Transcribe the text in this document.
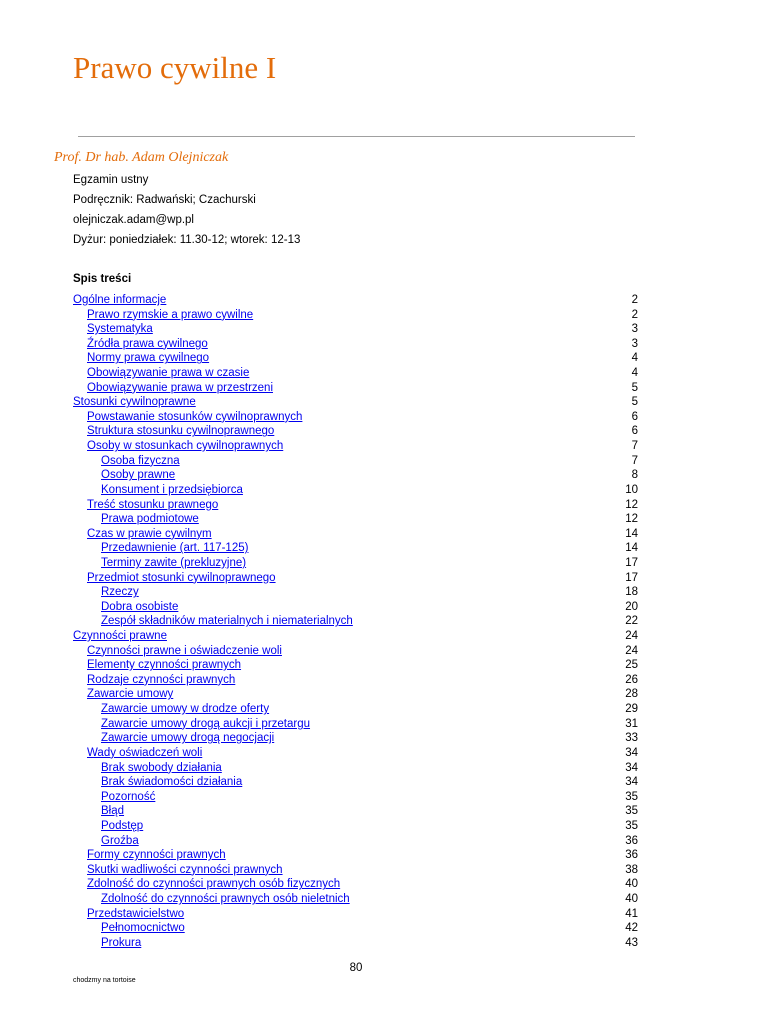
Prawo cywilne I
Prof. Dr hab. Adam Olejniczak
Egzamin ustny
Podręcznik: Radwański; Czachurski
olejniczak.adam@wp.pl
Dyżur: poniedziałek: 11.30-12; wtorek: 12-13
Spis treści
Ogólne informacje	2
Prawo rzymskie a prawo cywilne	2
Systematyka	3
Źródła prawa cywilnego	3
Normy prawa cywilnego	4
Obowiązywanie prawa w czasie	4
Obowiązywanie prawa w przestrzeni	5
Stosunki cywilnoprawne	5
Powstawanie stosunków cywilnoprawnych	6
Struktura stosunku cywilnoprawnego	6
Osoby w stosunkach cywilnoprawnych	7
Osoba fizyczna	7
Osoby prawne	8
Konsument i przedsiębiorca	10
Treść stosunku prawnego	12
Prawa podmiotowe	12
Czas w prawie cywilnym	14
Przedawnienie (art. 117-125)	14
Terminy zawite (prekluzyjne)	17
Przedmiot stosunki cywilnoprawnego	17
Rzeczy	18
Dobra osobiste	20
Zespół składników materialnych i niematerialnych	22
Czynności prawne	24
Czynności prawne i oświadczenie woli	24
Elementy czynności prawnych	25
Rodzaje czynności prawnych	26
Zawarcie umowy	28
Zawarcie umowy w drodze oferty	29
Zawarcie umowy drogą aukcji i przetargu	31
Zawarcie umowy drogą negocjacji	33
Wady oświadczeń woli	34
Brak swobody działania	34
Brak świadomości działania	34
Pozorność	35
Błąd	35
Podstęp	35
Groźba	36
Formy czynności prawnych	36
Skutki wadliwości czynności prawnych	38
Zdolność do czynności prawnych osób fizycznych	40
Zdolność do czynności prawnych osób nieletnich	40
Przedstawicielstwo	41
Pełnomocnictwo	42
Prokura	43
80
chodzmy na tortoise
